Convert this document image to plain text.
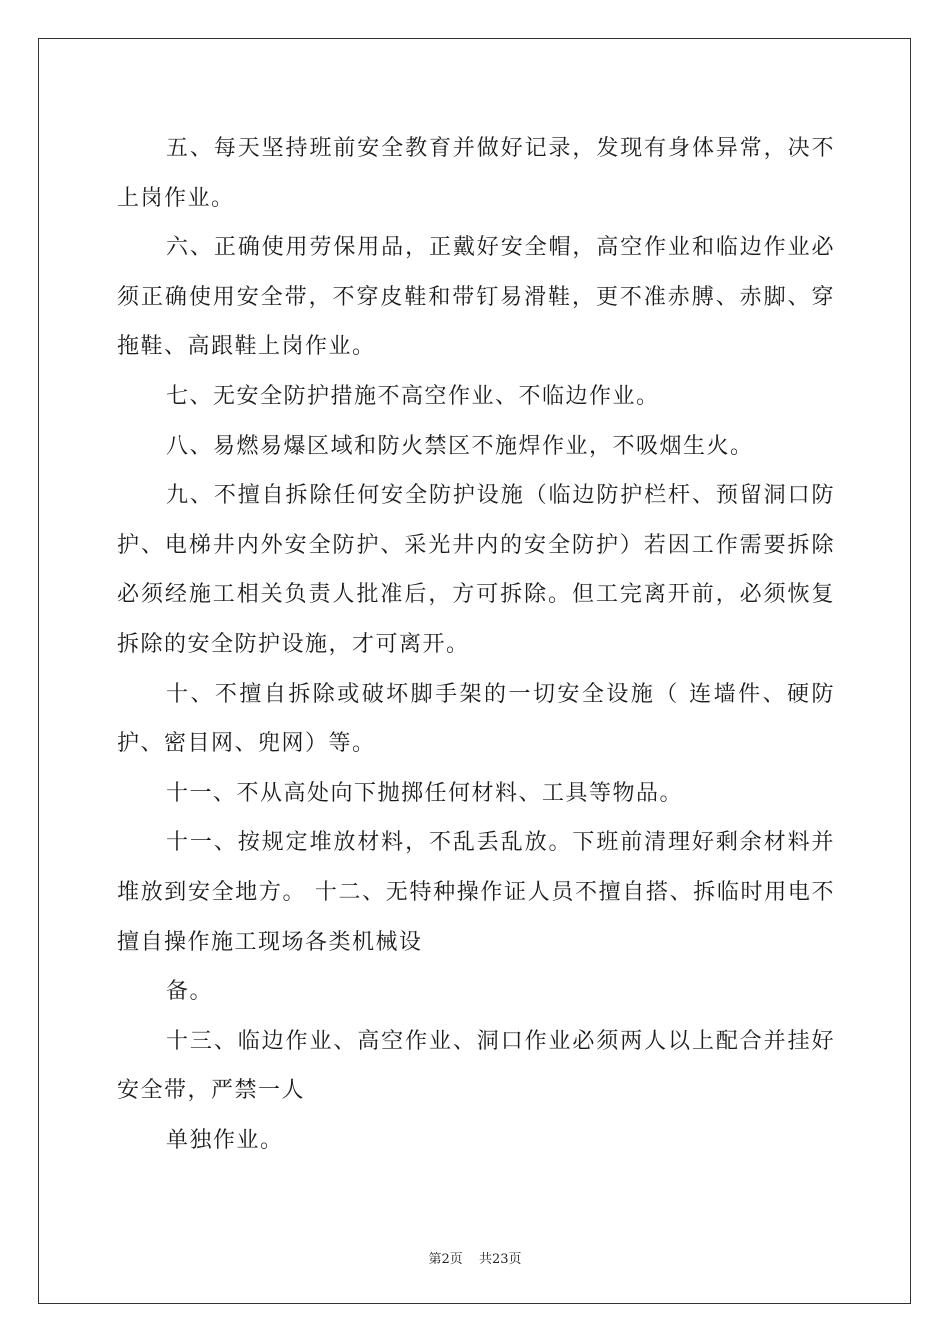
五、每天坚持班前安全教育并做好记录，发现有身体异常，决不上岗作业。

六、正确使用劳保用品，正戴好安全帽，高空作业和临边作业必须正确使用安全带，不穿皮鞋和带钉易滑鞋，更不准赤膊、赤脚、穿拖鞋、高跟鞋上岗作业。

七、无安全防护措施不高空作业、不临边作业。

八、易燃易爆区域和防火禁区不施焊作业，不吸烟生火。

九、不擅自拆除任何安全防护设施（临边防护栏杆、预留洞口防护、电梯井内外安全防护、采光井内的安全防护）若因工作需要拆除必须经施工相关负责人批准后，方可拆除。但工完离开前，必须恢复拆除的安全防护设施，才可离开。

十、不擅自拆除或破坏脚手架的一切安全设施（ 连墙件、硬防护、密目网、兜网）等。

十一、不从高处向下抛掷任何材料、工具等物品。

十一、按规定堆放材料，不乱丢乱放。下班前清理好剩余材料并堆放到安全地方。 十二、无特种操作证人员不擅自搭、拆临时用电不擅自操作施工现场各类机械设

备。

十三、临边作业、高空作业、洞口作业必须两人以上配合并挂好安全带，严禁一人

单独作业。

第2页 共23页
